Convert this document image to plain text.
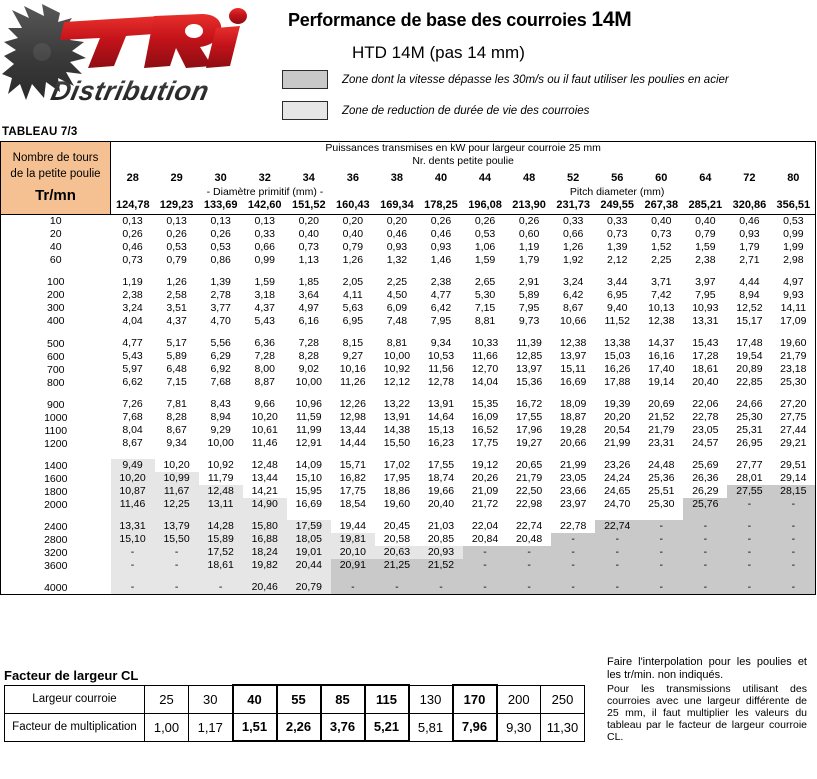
Distribution
Performance de base des courroies 14M
HTD 14M (pas 14 mm)
Zone dont la vitesse dépasse les 30m/s ou il faut utiliser les poulies en acier
Zone de reduction de durée de vie des courroies
TABLEAU 7/3
Nombre de tours
de la petite poulie
Tr/mn	Puissances transmises en kW pour largeur courroie 25 mm
Nr. dents petite poulie															

	28	29	30	32	34	36	38	40	44	48	52	56	60	64	72	80
	- Diamètre primitif (mm) -							Pitch diameter (mm)								
	124,78	129,23	133,69	142,60	151,52	160,43	169,34	178,25	196,08	213,90	231,73	249,55	267,38	285,21	320,86	356,51
10	0,13	0,13	0,13	0,13	0,20	0,20	0,20	0,26	0,26	0,26	0,33	0,33	0,40	0,40	0,46	0,53
20	0,26	0,26	0,26	0,33	0,40	0,40	0,46	0,46	0,53	0,60	0,66	0,73	0,73	0,79	0,93	0,99
40	0,46	0,53	0,53	0,66	0,73	0,79	0,93	0,93	1,06	1,19	1,26	1,39	1,52	1,59	1,79	1,99
60	0,73	0,79	0,86	0,99	1,13	1,26	1,32	1,46	1,59	1,79	1,92	2,12	2,25	2,38	2,71	2,98

100	1,19	1,26	1,39	1,59	1,85	2,05	2,25	2,38	2,65	2,91	3,24	3,44	3,71	3,97	4,44	4,97
200	2,38	2,58	2,78	3,18	3,64	4,11	4,50	4,77	5,30	5,89	6,42	6,95	7,42	7,95	8,94	9,93
300	3,24	3,51	3,77	4,37	4,97	5,63	6,09	6,42	7,15	7,95	8,67	9,40	10,13	10,93	12,52	14,11
400	4,04	4,37	4,70	5,43	6,16	6,95	7,48	7,95	8,81	9,73	10,66	11,52	12,38	13,31	15,17	17,09

500	4,77	5,17	5,56	6,36	7,28	8,15	8,81	9,34	10,33	11,39	12,38	13,38	14,37	15,43	17,48	19,60
600	5,43	5,89	6,29	7,28	8,28	9,27	10,00	10,53	11,66	12,85	13,97	15,03	16,16	17,28	19,54	21,79
700	5,97	6,48	6,92	8,00	9,02	10,16	10,92	11,56	12,70	13,97	15,11	16,26	17,40	18,61	20,89	23,18
800	6,62	7,15	7,68	8,87	10,00	11,26	12,12	12,78	14,04	15,36	16,69	17,88	19,14	20,40	22,85	25,30

900	7,26	7,81	8,43	9,66	10,96	12,26	13,22	13,91	15,35	16,72	18,09	19,39	20,69	22,06	24,66	27,20
1000	7,68	8,28	8,94	10,20	11,59	12,98	13,91	14,64	16,09	17,55	18,87	20,20	21,52	22,78	25,30	27,75
1100	8,04	8,67	9,29	10,61	11,99	13,44	14,38	15,13	16,52	17,96	19,28	20,54	21,79	23,05	25,31	27,44
1200	8,67	9,34	10,00	11,46	12,91	14,44	15,50	16,23	17,75	19,27	20,66	21,99	23,31	24,57	26,95	29,21

1400	9,49	10,20	10,92	12,48	14,09	15,71	17,02	17,55	19,12	20,65	21,99	23,26	24,48	25,69	27,77	29,51
1600	10,20	10,99	11,79	13,44	15,10	16,82	17,95	18,74	20,26	21,79	23,05	24,24	25,36	26,36	28,01	29,14
1800	10,87	11,67	12,48	14,21	15,95	17,75	18,86	19,66	21,09	22,50	23,66	24,65	25,51	26,29	27,55	28,15
2000	11,46	12,25	13,11	14,90	16,69	18,54	19,60	20,40	21,72	22,98	23,97	24,70	25,30	25,76	-	-

2400	13,31	13,79	14,28	15,80	17,59	19,44	20,45	21,03	22,04	22,74	22,78	22,74	-	-	-	-
2800	15,10	15,50	15,89	16,88	18,05	19,81	20,58	20,85	20,84	20,48	-	-	-	-	-	-
3200	-	-	17,52	18,24	19,01	20,10	20,63	20,93	-	-	-	-	-	-	-	-
3600	-	-	18,61	19,82	20,44	20,91	21,25	21,52	-	-	-	-	-	-	-	-

4000	-	-	-	20,46	20,79	-	-	-	-	-	-	-	-	-	-	-
Facteur de largeur CL
Largeur courroie	25	30	40	55	85	115	130	170	200	250
Facteur de multiplication	1,00	1,17	1,51	2,26	3,76	5,21	5,81	7,96	9,30	11,30

Faire l'interpolation pour les poulies et les tr/min. non indiqués.

Pour les transmissions utilisant des courroies avec une largeur différente de 25 mm, il faut multiplier les valeurs du tableau par le facteur de largeur courroie CL.
